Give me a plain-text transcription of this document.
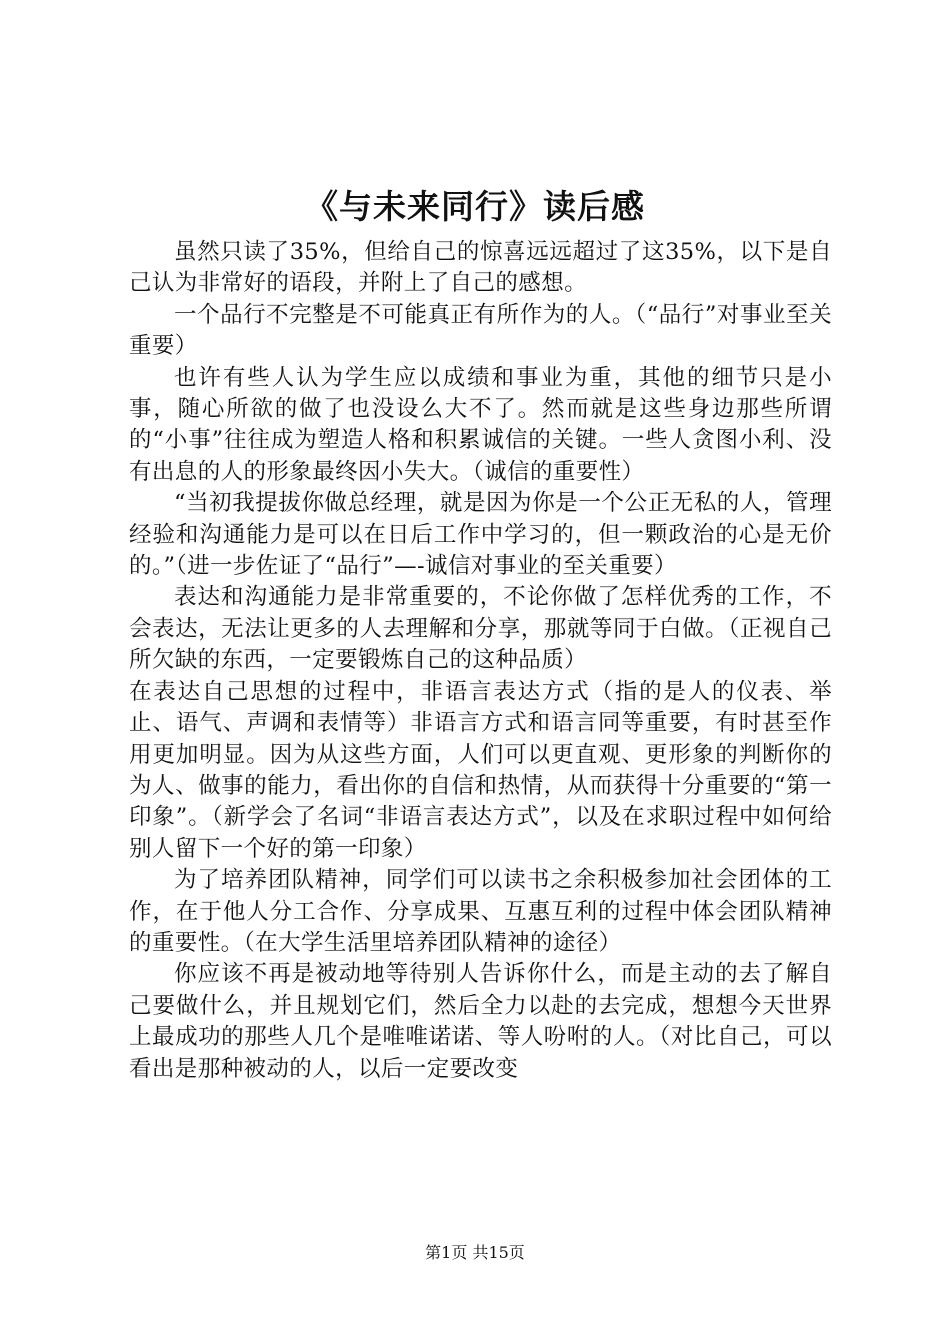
《与未来同行》读后感

虽然只读了35%，但给自己的惊喜远远超过了这35%，以下是自己认为非常好的语段，并附上了自己的感想。

一个品行不完整是不可能真正有所作为的人。（“品行”对事业至关重要）

也许有些人认为学生应以成绩和事业为重，其他的细节只是小事，随心所欲的做了也没设么大不了。然而就是这些身边那些所谓的“小事”往往成为塑造人格和积累诚信的关键。一些人贪图小利、没有出息的人的形象最终因小失大。（诚信的重要性）

“当初我提拔你做总经理，就是因为你是一个公正无私的人，管理经验和沟通能力是可以在日后工作中学习的，但一颗政治的心是无价的。”（进一步佐证了“品行”—-诚信对事业的至关重要）

表达和沟通能力是非常重要的，不论你做了怎样优秀的工作，不会表达，无法让更多的人去理解和分享，那就等同于白做。（正视自己所欠缺的东西，一定要锻炼自己的这种品质）

在表达自己思想的过程中，非语言表达方式（指的是人的仪表、举止、语气、声调和表情等）非语言方式和语言同等重要，有时甚至作用更加明显。因为从这些方面，人们可以更直观、更形象的判断你的为人、做事的能力，看出你的自信和热情，从而获得十分重要的“第一印象”。（新学会了名词“非语言表达方式”，以及在求职过程中如何给别人留下一个好的第一印象）

为了培养团队精神，同学们可以读书之余积极参加社会团体的工作，在于他人分工合作、分享成果、互惠互利的过程中体会团队精神的重要性。（在大学生活里培养团队精神的途径）

你应该不再是被动地等待别人告诉你什么，而是主动的去了解自己要做什么，并且规划它们，然后全力以赴的去完成，想想今天世界上最成功的那些人几个是唯唯诺诺、等人吩咐的人。（对比自己，可以看出是那种被动的人，以后一定要改变

第1页 共15页
